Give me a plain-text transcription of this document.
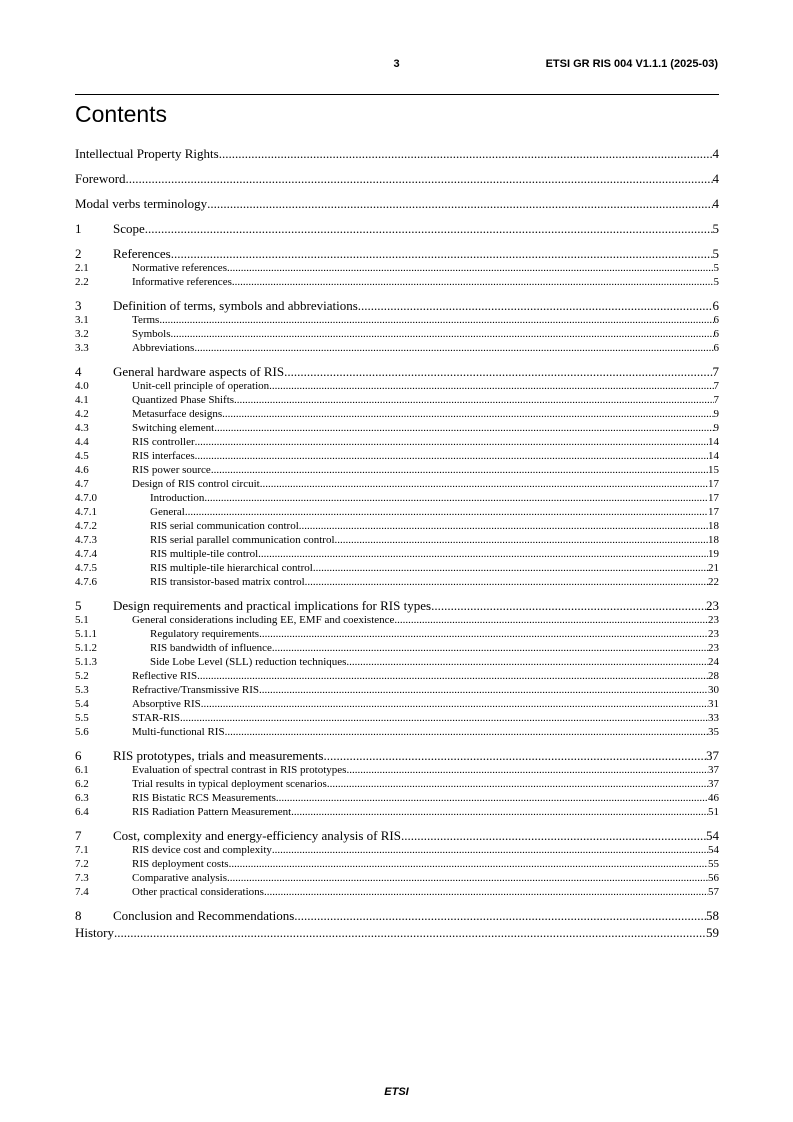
3	ETSI GR RIS 004 V1.1.1 (2025-03)
Contents
Intellectual Property Rights .....	4
Foreword .....	4
Modal verbs terminology .....	4
1	Scope .....	5
2	References .....	5
2.1	Normative references .....	5
2.2	Informative references .....	5
3	Definition of terms, symbols and abbreviations .....	6
3.1	Terms .....	6
3.2	Symbols .....	6
3.3	Abbreviations .....	6
4	General hardware aspects of RIS .....	7
4.0	Unit-cell principle of operation .....	7
4.1	Quantized Phase Shifts .....	7
4.2	Metasurface designs .....	9
4.3	Switching element .....	9
4.4	RIS controller .....	14
4.5	RIS interfaces .....	14
4.6	RIS power source .....	15
4.7	Design of RIS control circuit .....	17
4.7.0	Introduction .....	17
4.7.1	General .....	17
4.7.2	RIS serial communication control .....	18
4.7.3	RIS serial parallel communication control .....	18
4.7.4	RIS multiple-tile control .....	19
4.7.5	RIS multiple-tile hierarchical control .....	21
4.7.6	RIS transistor-based matrix control .....	22
5	Design requirements and practical implications for RIS types .....	23
5.1	General considerations including EE, EMF and coexistence .....	23
5.1.1	Regulatory requirements .....	23
5.1.2	RIS bandwidth of influence .....	23
5.1.3	Side Lobe Level (SLL) reduction techniques .....	24
5.2	Reflective RIS .....	28
5.3	Refractive/Transmissive RIS .....	30
5.4	Absorptive RIS .....	31
5.5	STAR-RIS .....	33
5.6	Multi-functional RIS .....	35
6	RIS prototypes, trials and measurements .....	37
6.1	Evaluation of spectral contrast in RIS prototypes .....	37
6.2	Trial results in typical deployment scenarios .....	37
6.3	RIS Bistatic RCS Measurements .....	46
6.4	RIS Radiation Pattern Measurement .....	51
7	Cost, complexity and energy-efficiency analysis of RIS .....	54
7.1	RIS device cost and complexity .....	54
7.2	RIS deployment costs .....	55
7.3	Comparative analysis .....	56
7.4	Other practical considerations .....	57
8	Conclusion and Recommendations .....	58
History .....	59
ETSI
